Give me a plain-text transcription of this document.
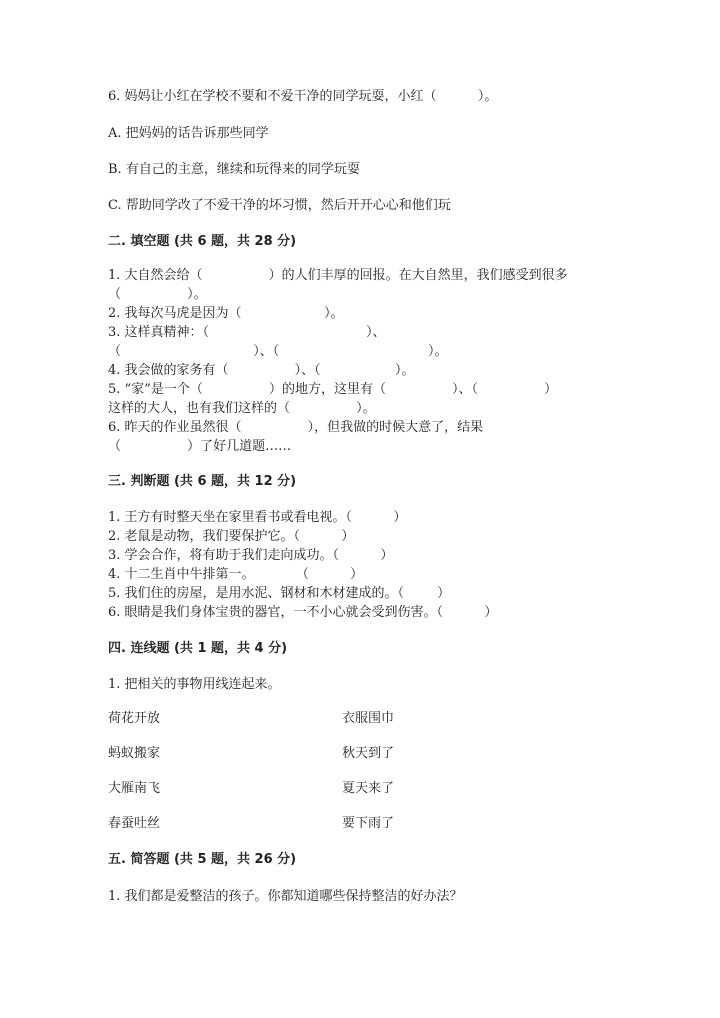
6. 妈妈让小红在学校不要和不爱干净的同学玩耍，小红（          ）。
A. 把妈妈的话告诉那些同学
B. 有自己的主意，继续和玩得来的同学玩耍
C. 帮助同学改了不爱干净的坏习惯，然后开开心心和他们玩
二. 填空题 (共 6 题，共 28 分)
1. 大自然会给（                ）的人们丰厚的回报。在大自然里，我们感受到很多
（                ）。
2. 我每次马虎是因为（                    ）。
3. 这样真精神：（                                      ）、
（                                ）、（                                    ）。
4. 我会做的家务有（                ）、（                  ）。
5. “家”是一个（                ）的地方，这里有（                ）、（                ）
这样的大人，也有我们这样的（                ）。
6. 昨天的作业虽然很（                ），但我做的时候大意了，结果
（                ）了好几道题……
三. 判断题 (共 6 题，共 12 分)
1. 王方有时整天坐在家里看书或看电视。（          ）
2. 老鼠是动物，我们要保护它。（          ）
3. 学会合作，将有助于我们走向成功。（          ）
4. 十二生肖中牛排第一。          （          ）
5. 我们住的房屋，是用水泥、钢材和木材建成的。（        ）
6. 眼睛是我们身体宝贵的器官，一不小心就会受到伤害。（          ）
四. 连线题 (共 1 题，共 4 分)
1. 把相关的事物用线连起来。
荷花开放	衣服围巾
蚂蚁搬家	秋天到了
大雁南飞	夏天来了
春蚕吐丝	要下雨了
五. 简答题 (共 5 题，共 26 分)
1. 我们都是爱整洁的孩子。你都知道哪些保持整洁的好办法？
